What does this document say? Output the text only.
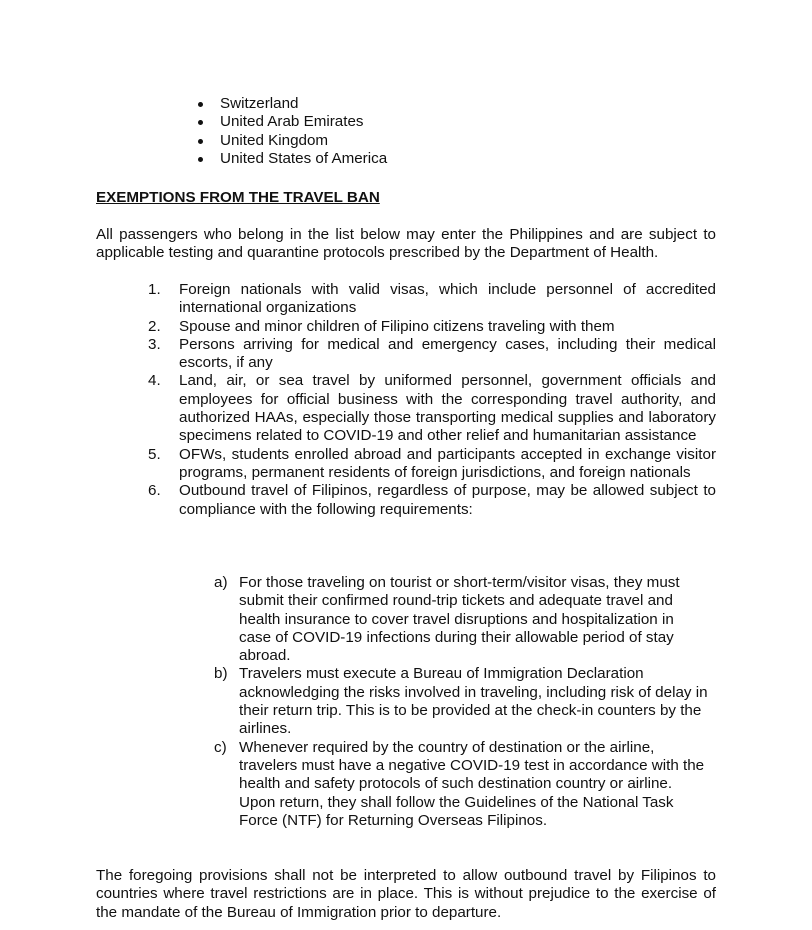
Switzerland
United Arab Emirates
United Kingdom
United States of America

EXEMPTIONS FROM THE TRAVEL BAN

All passengers who belong in the list below may enter the Philippines and are subject to applicable testing and quarantine protocols prescribed by the Department of Health.

1. Foreign nationals with valid visas, which include personnel of accredited international organizations
2. Spouse and minor children of Filipino citizens traveling with them
3. Persons arriving for medical and emergency cases, including their medical escorts, if any
4. Land, air, or sea travel by uniformed personnel, government officials and employees for official business with the corresponding travel authority, and authorized HAAs, especially those transporting medical supplies and laboratory specimens related to COVID-19 and other relief and humanitarian assistance
5. OFWs, students enrolled abroad and participants accepted in exchange visitor programs, permanent residents of foreign jurisdictions, and foreign nationals
6. Outbound travel of Filipinos, regardless of purpose, may be allowed subject to compliance with the following requirements:
a) For those traveling on tourist or short-term/visitor visas, they must submit their confirmed round-trip tickets and adequate travel and health insurance to cover travel disruptions and hospitalization in case of COVID-19 infections during their allowable period of stay abroad.
b) Travelers must execute a Bureau of Immigration Declaration acknowledging the risks involved in traveling, including risk of delay in their return trip. This is to be provided at the check-in counters by the airlines.
c) Whenever required by the country of destination or the airline, travelers must have a negative COVID-19 test in accordance with the health and safety protocols of such destination country or airline. Upon return, they shall follow the Guidelines of the National Task Force (NTF) for Returning Overseas Filipinos.

The foregoing provisions shall not be interpreted to allow outbound travel by Filipinos to countries where travel restrictions are in place. This is without prejudice to the exercise of the mandate of the Bureau of Immigration prior to departure.
